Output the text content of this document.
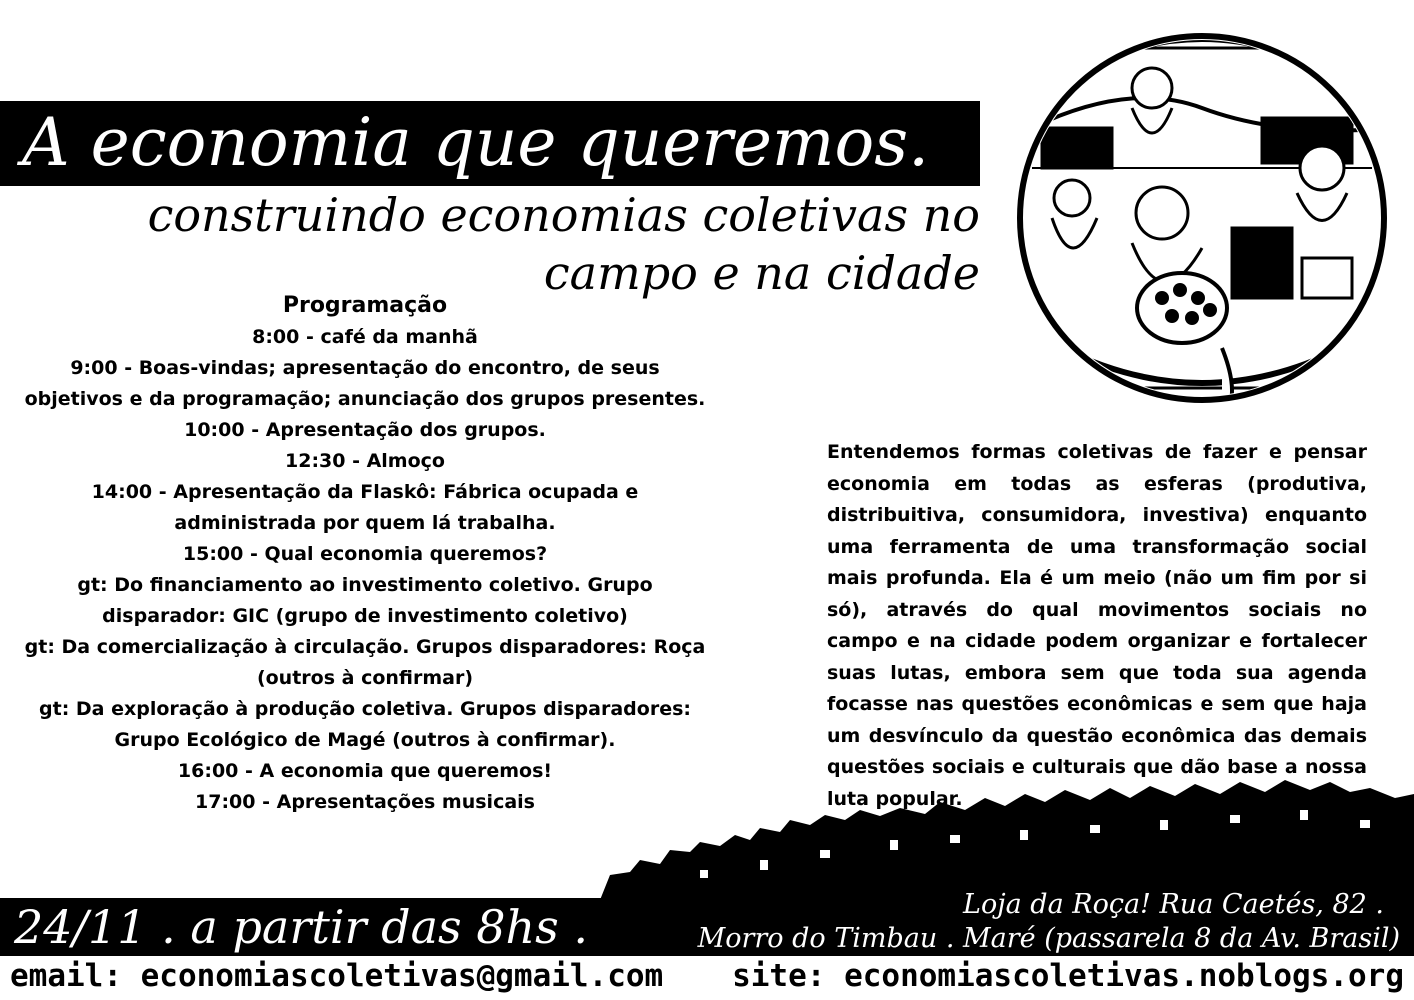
A economia que queremos.
construindo economias coletivas no
campo e na cidade
Programação
8:00 - café da manhã
9:00 - Boas-vindas; apresentação do encontro, de seus objetivos e da programação; anunciação dos grupos presentes.
10:00 - Apresentação dos grupos.
12:30 - Almoço
14:00 - Apresentação da Flaskô: Fábrica ocupada e administrada por quem lá trabalha.
15:00 - Qual economia queremos?
gt: Do financiamento ao investimento coletivo. Grupo disparador: GIC (grupo de investimento coletivo)
gt: Da comercialização à circulação. Grupos disparadores: Roça (outros à confirmar)
gt: Da exploração à produção coletiva. Grupos disparadores: Grupo Ecológico de Magé (outros à confirmar).
16:00 - A economia que queremos!
17:00 - Apresentações musicais
Entendemos formas coletivas de fazer e pensar economia em todas as esferas (produtiva, distribuitiva, consumidora, investiva) enquanto uma ferramenta de uma transformação social mais profunda. Ela é um meio (não um fim por si só), através do qual movimentos sociais no campo e na cidade podem organizar e fortalecer suas lutas, embora sem que toda sua agenda focasse nas questões econômicas e sem que haja um desvínculo da questão econômica das demais questões sociais e culturais que dão base a nossa luta popular.
24/11 . a partir das 8hs .	Loja da Roça! Rua Caetés, 82 .
Morro do Timbau . Maré (passarela 8 da Av. Brasil)
email: economiascoletivas@gmail.com site: economiascoletivas.noblogs.org
